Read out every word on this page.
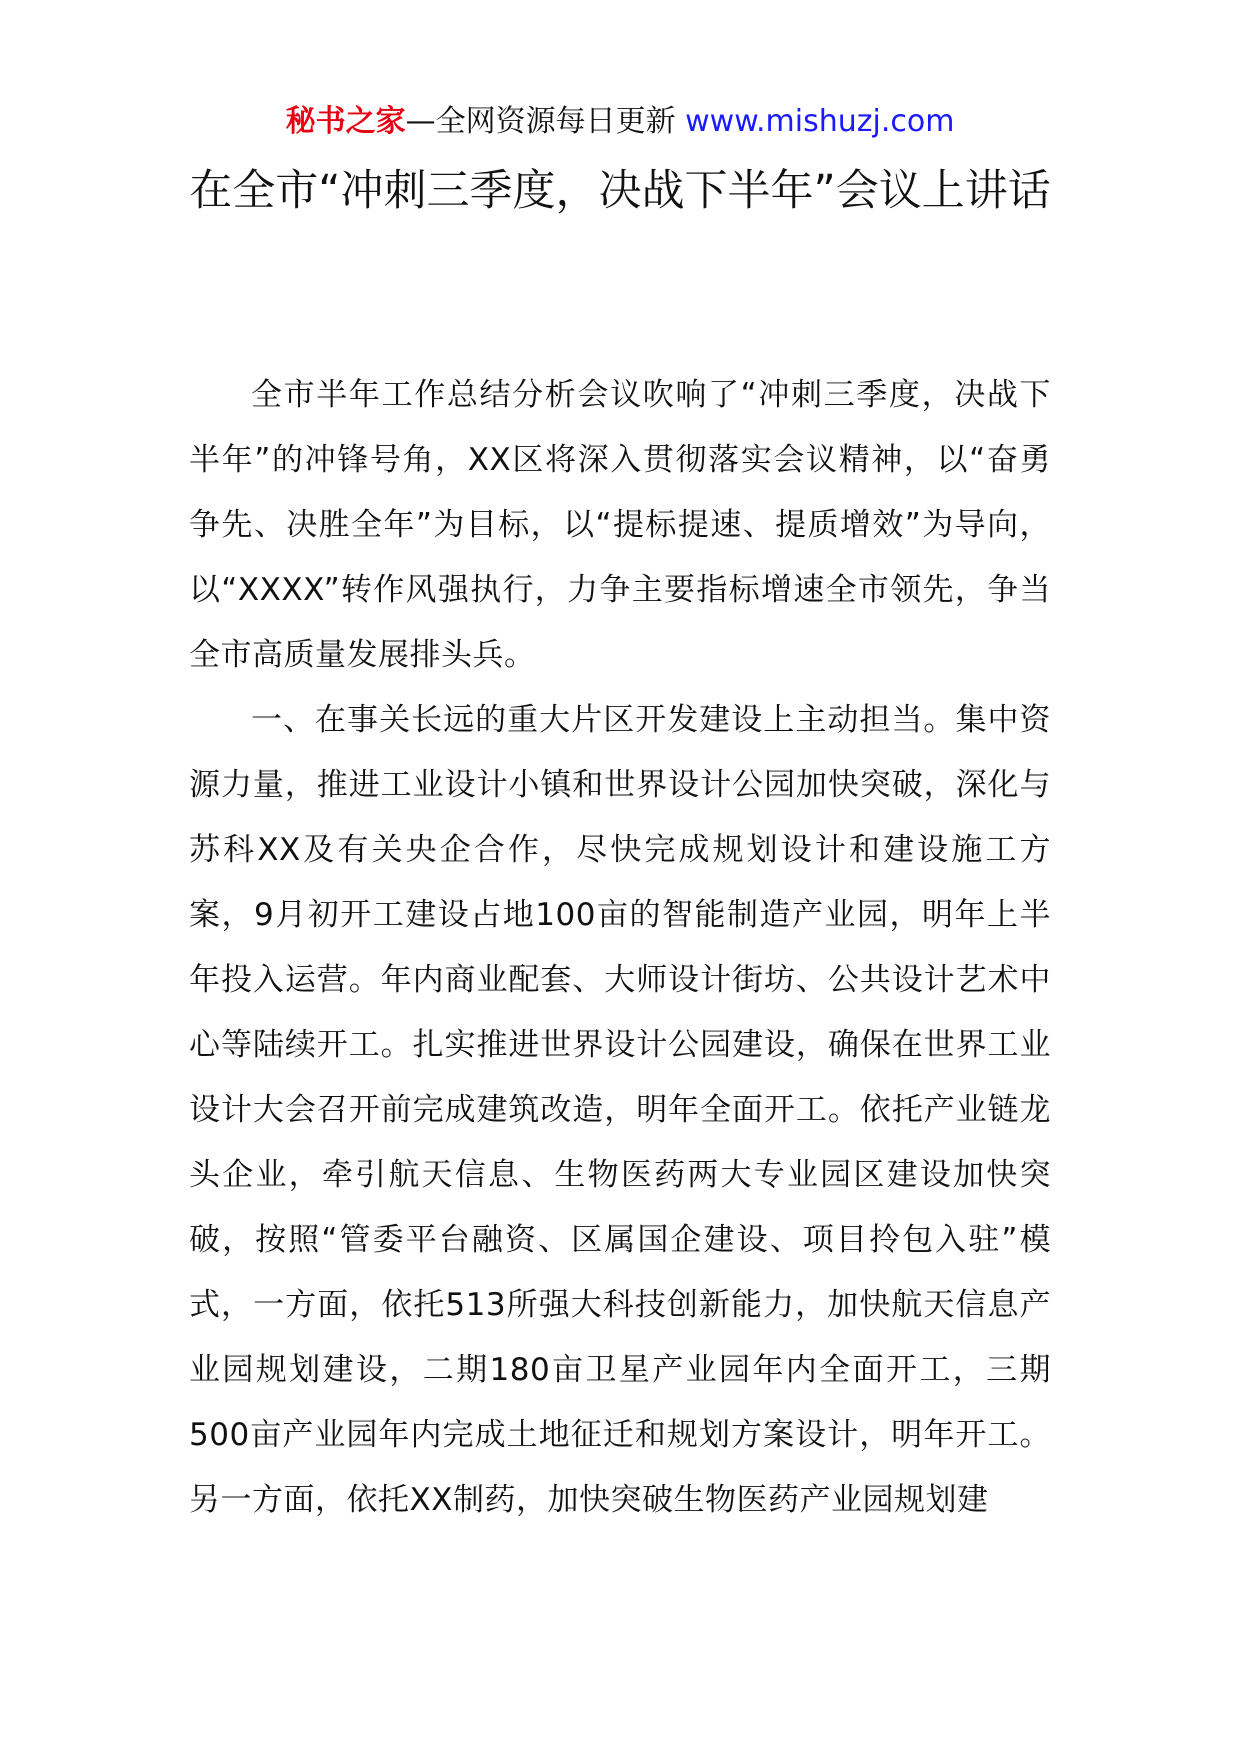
秘书之家—全网资源每日更新 www.mishuzj.com
在全市“冲刺三季度，决战下半年”会议上讲话

全市半年工作总结分析会议吹响了“冲刺三季度，决战下半年”的冲锋号角，XX区将深入贯彻落实会议精神，以“奋勇争先、决胜全年”为目标，以“提标提速、提质增效”为导向，以“XXXX”转作风强执行，力争主要指标增速全市领先，争当全市高质量发展排头兵。

一、在事关长远的重大片区开发建设上主动担当。集中资源力量，推进工业设计小镇和世界设计公园加快突破，深化与苏科XX及有关央企合作，尽快完成规划设计和建设施工方案，9月初开工建设占地100亩的智能制造产业园，明年上半年投入运营。年内商业配套、大师设计街坊、公共设计艺术中心等陆续开工。扎实推进世界设计公园建设，确保在世界工业设计大会召开前完成建筑改造，明年全面开工。依托产业链龙头企业，牵引航天信息、生物医药两大专业园区建设加快突破，按照“管委平台融资、区属国企建设、项目拎包入驻”模式，一方面，依托513所强大科技创新能力，加快航天信息产业园规划建设，二期180亩卫星产业园年内全面开工，三期500亩产业园年内完成土地征迁和规划方案设计，明年开工。另一方面，依托XX制药，加快突破生物医药产业园规划建
